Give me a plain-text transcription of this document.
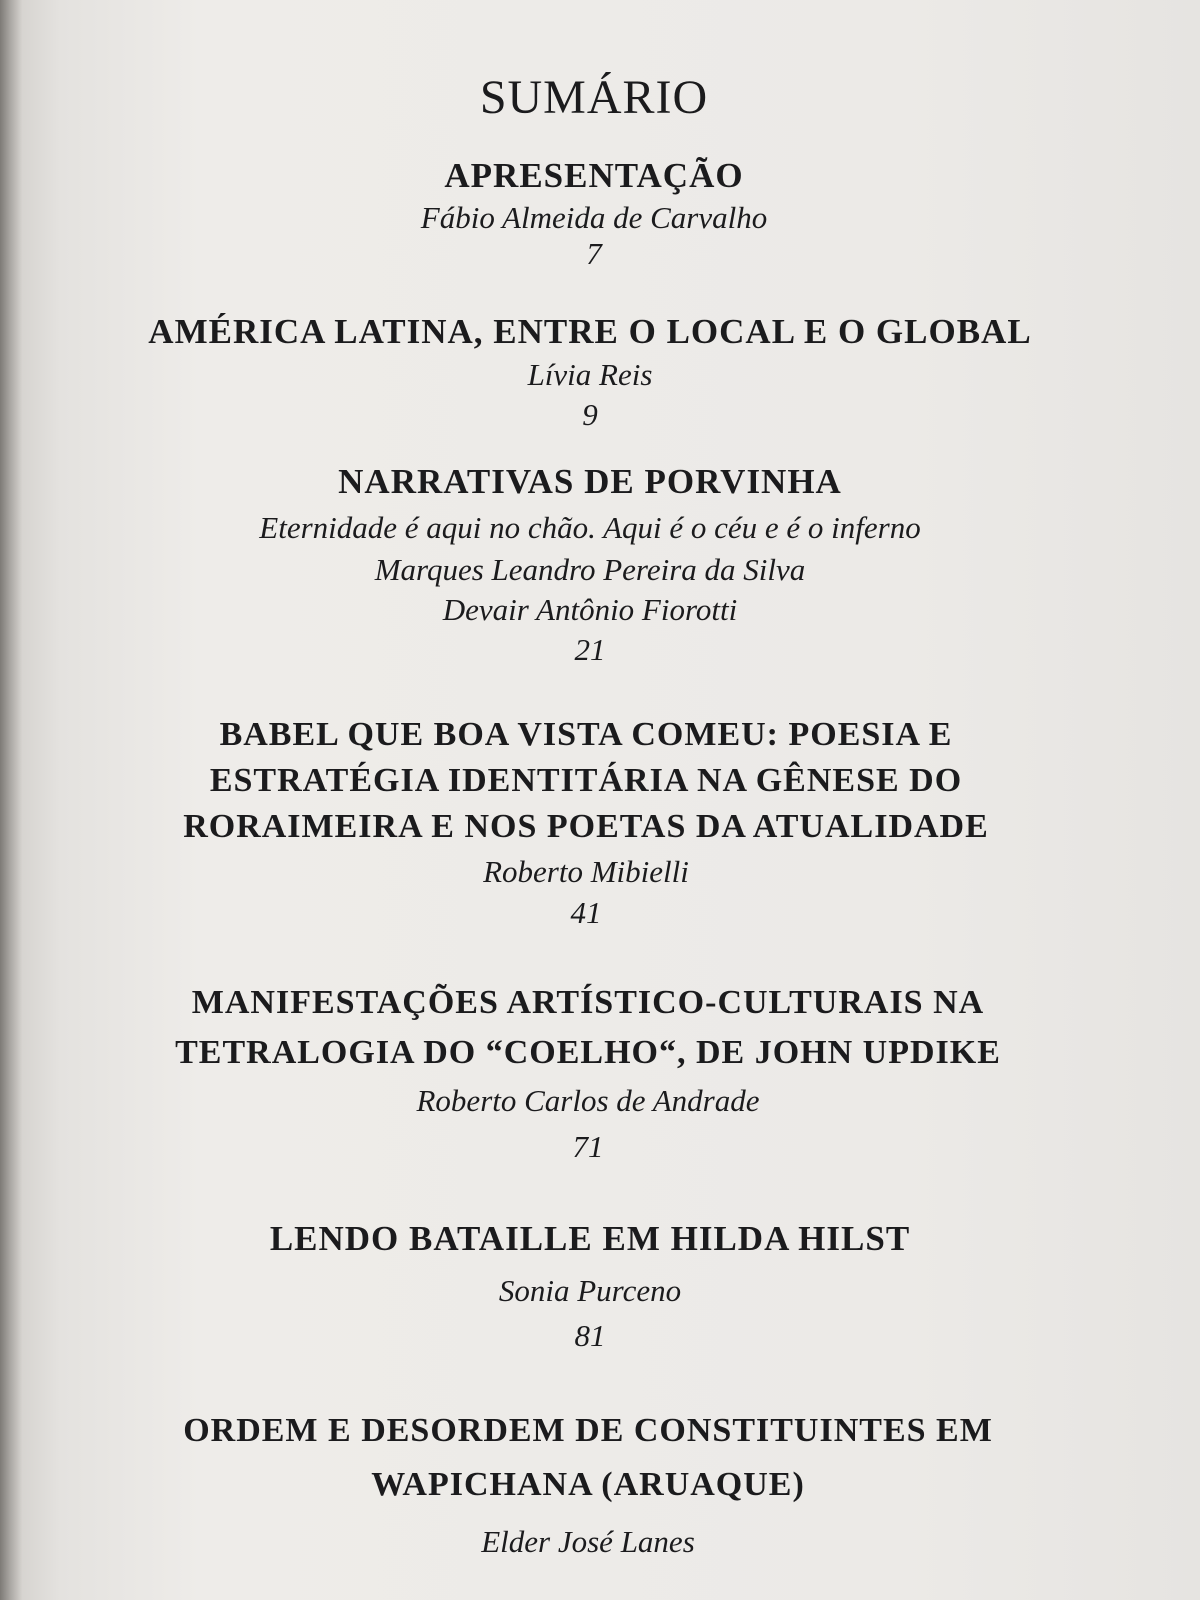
SUMÁRIO
APRESENTAÇÃO
Fábio Almeida de Carvalho
7
AMÉRICA LATINA, ENTRE O LOCAL E O GLOBAL
Lívia Reis
9
NARRATIVAS DE PORVINHA
Eternidade é aqui no chão. Aqui é o céu e é o inferno
Marques Leandro Pereira da Silva
Devair Antônio Fiorotti
21
BABEL QUE BOA VISTA COMEU: POESIA E
ESTRATÉGIA IDENTITÁRIA NA GÊNESE DO
RORAIMEIRA E NOS POETAS DA ATUALIDADE
Roberto Mibielli
41
MANIFESTAÇÕES ARTÍSTICO-CULTURAIS NA
TETRALOGIA DO “COELHO“, DE JOHN UPDIKE
Roberto Carlos de Andrade
71
LENDO BATAILLE EM HILDA HILST
Sonia Purceno
81
ORDEM E DESORDEM DE CONSTITUINTES EM
WAPICHANA (ARUAQUE)
Elder José Lanes
